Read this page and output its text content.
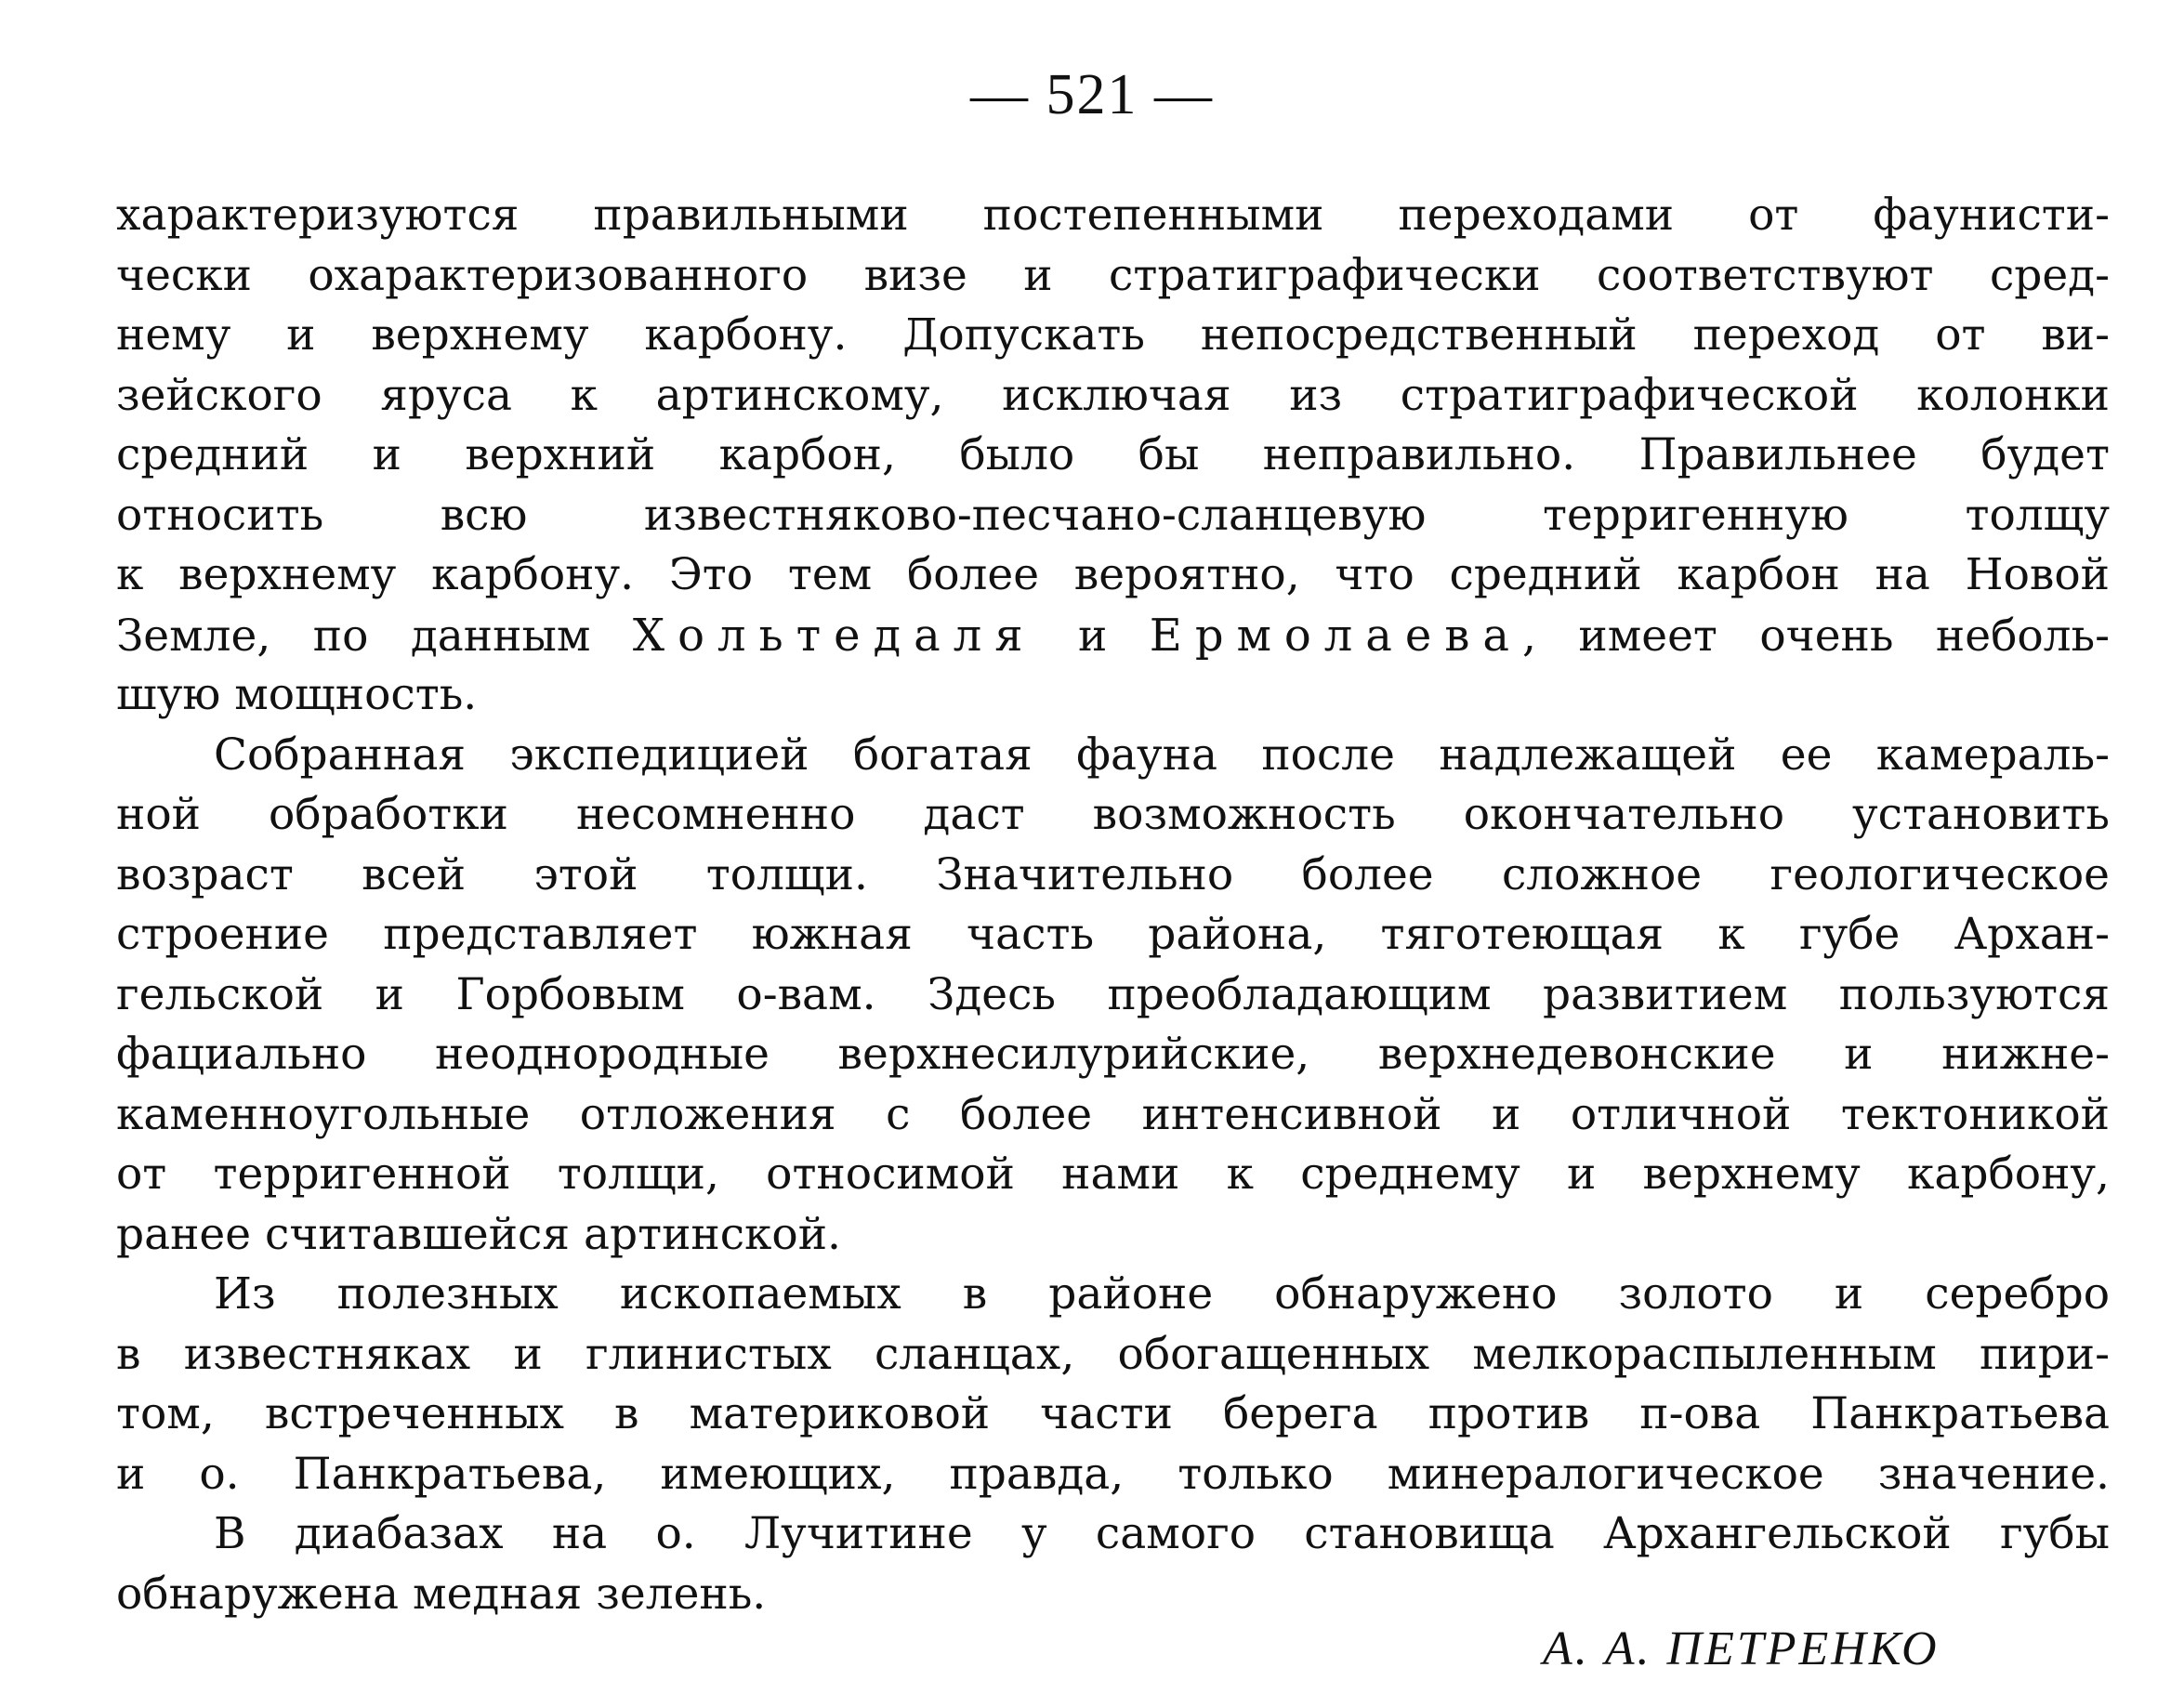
— 521 —
характеризуются правильными постепенными переходами от фаунисти-
чески охарактеризованного визе и стратиграфически соответствуют сред-
нему и верхнему карбону. Допускать непосредственный переход от ви-
зейского яруса к артинскому, исключая из стратиграфической колонки
средний и верхний карбон, было бы неправильно. Правильнее будет
относить всю известняково-песчано-сланцевую терригенную толщу
к верхнему карбону. Это тем более вероятно, что средний карбон на Новой
Земле, по данным Хольтедаля и Ермолаева, имеет очень неболь-
шую мощность.
Собранная экспедицией богатая фауна после надлежащей ее камераль-
ной обработки несомненно даст возможность окончательно установить
возраст всей этой толщи. Значительно более сложное геологическое
строение представляет южная часть района, тяготеющая к губе Архан-
гельской и Горбовым о-вам. Здесь преобладающим развитием пользуются
фациально неоднородные верхнесилурийские, верхнедевонские и нижне-
каменноугольные отложения с более интенсивной и отличной тектоникой
от терригенной толщи, относимой нами к среднему и верхнему карбону,
ранее считавшейся артинской.
Из полезных ископаемых в районе обнаружено золото и серебро
в известняках и глинистых сланцах, обогащенных мелкораспыленным пири-
том, встреченных в материковой части берега против п-ова Панкратьева
и о. Панкратьева, имеющих, правда, только минералогическое значение.
В диабазах на о. Лучитине у самого становища Архангельской губы
обнаружена медная зелень.
А. А. ПЕТРЕНКО
